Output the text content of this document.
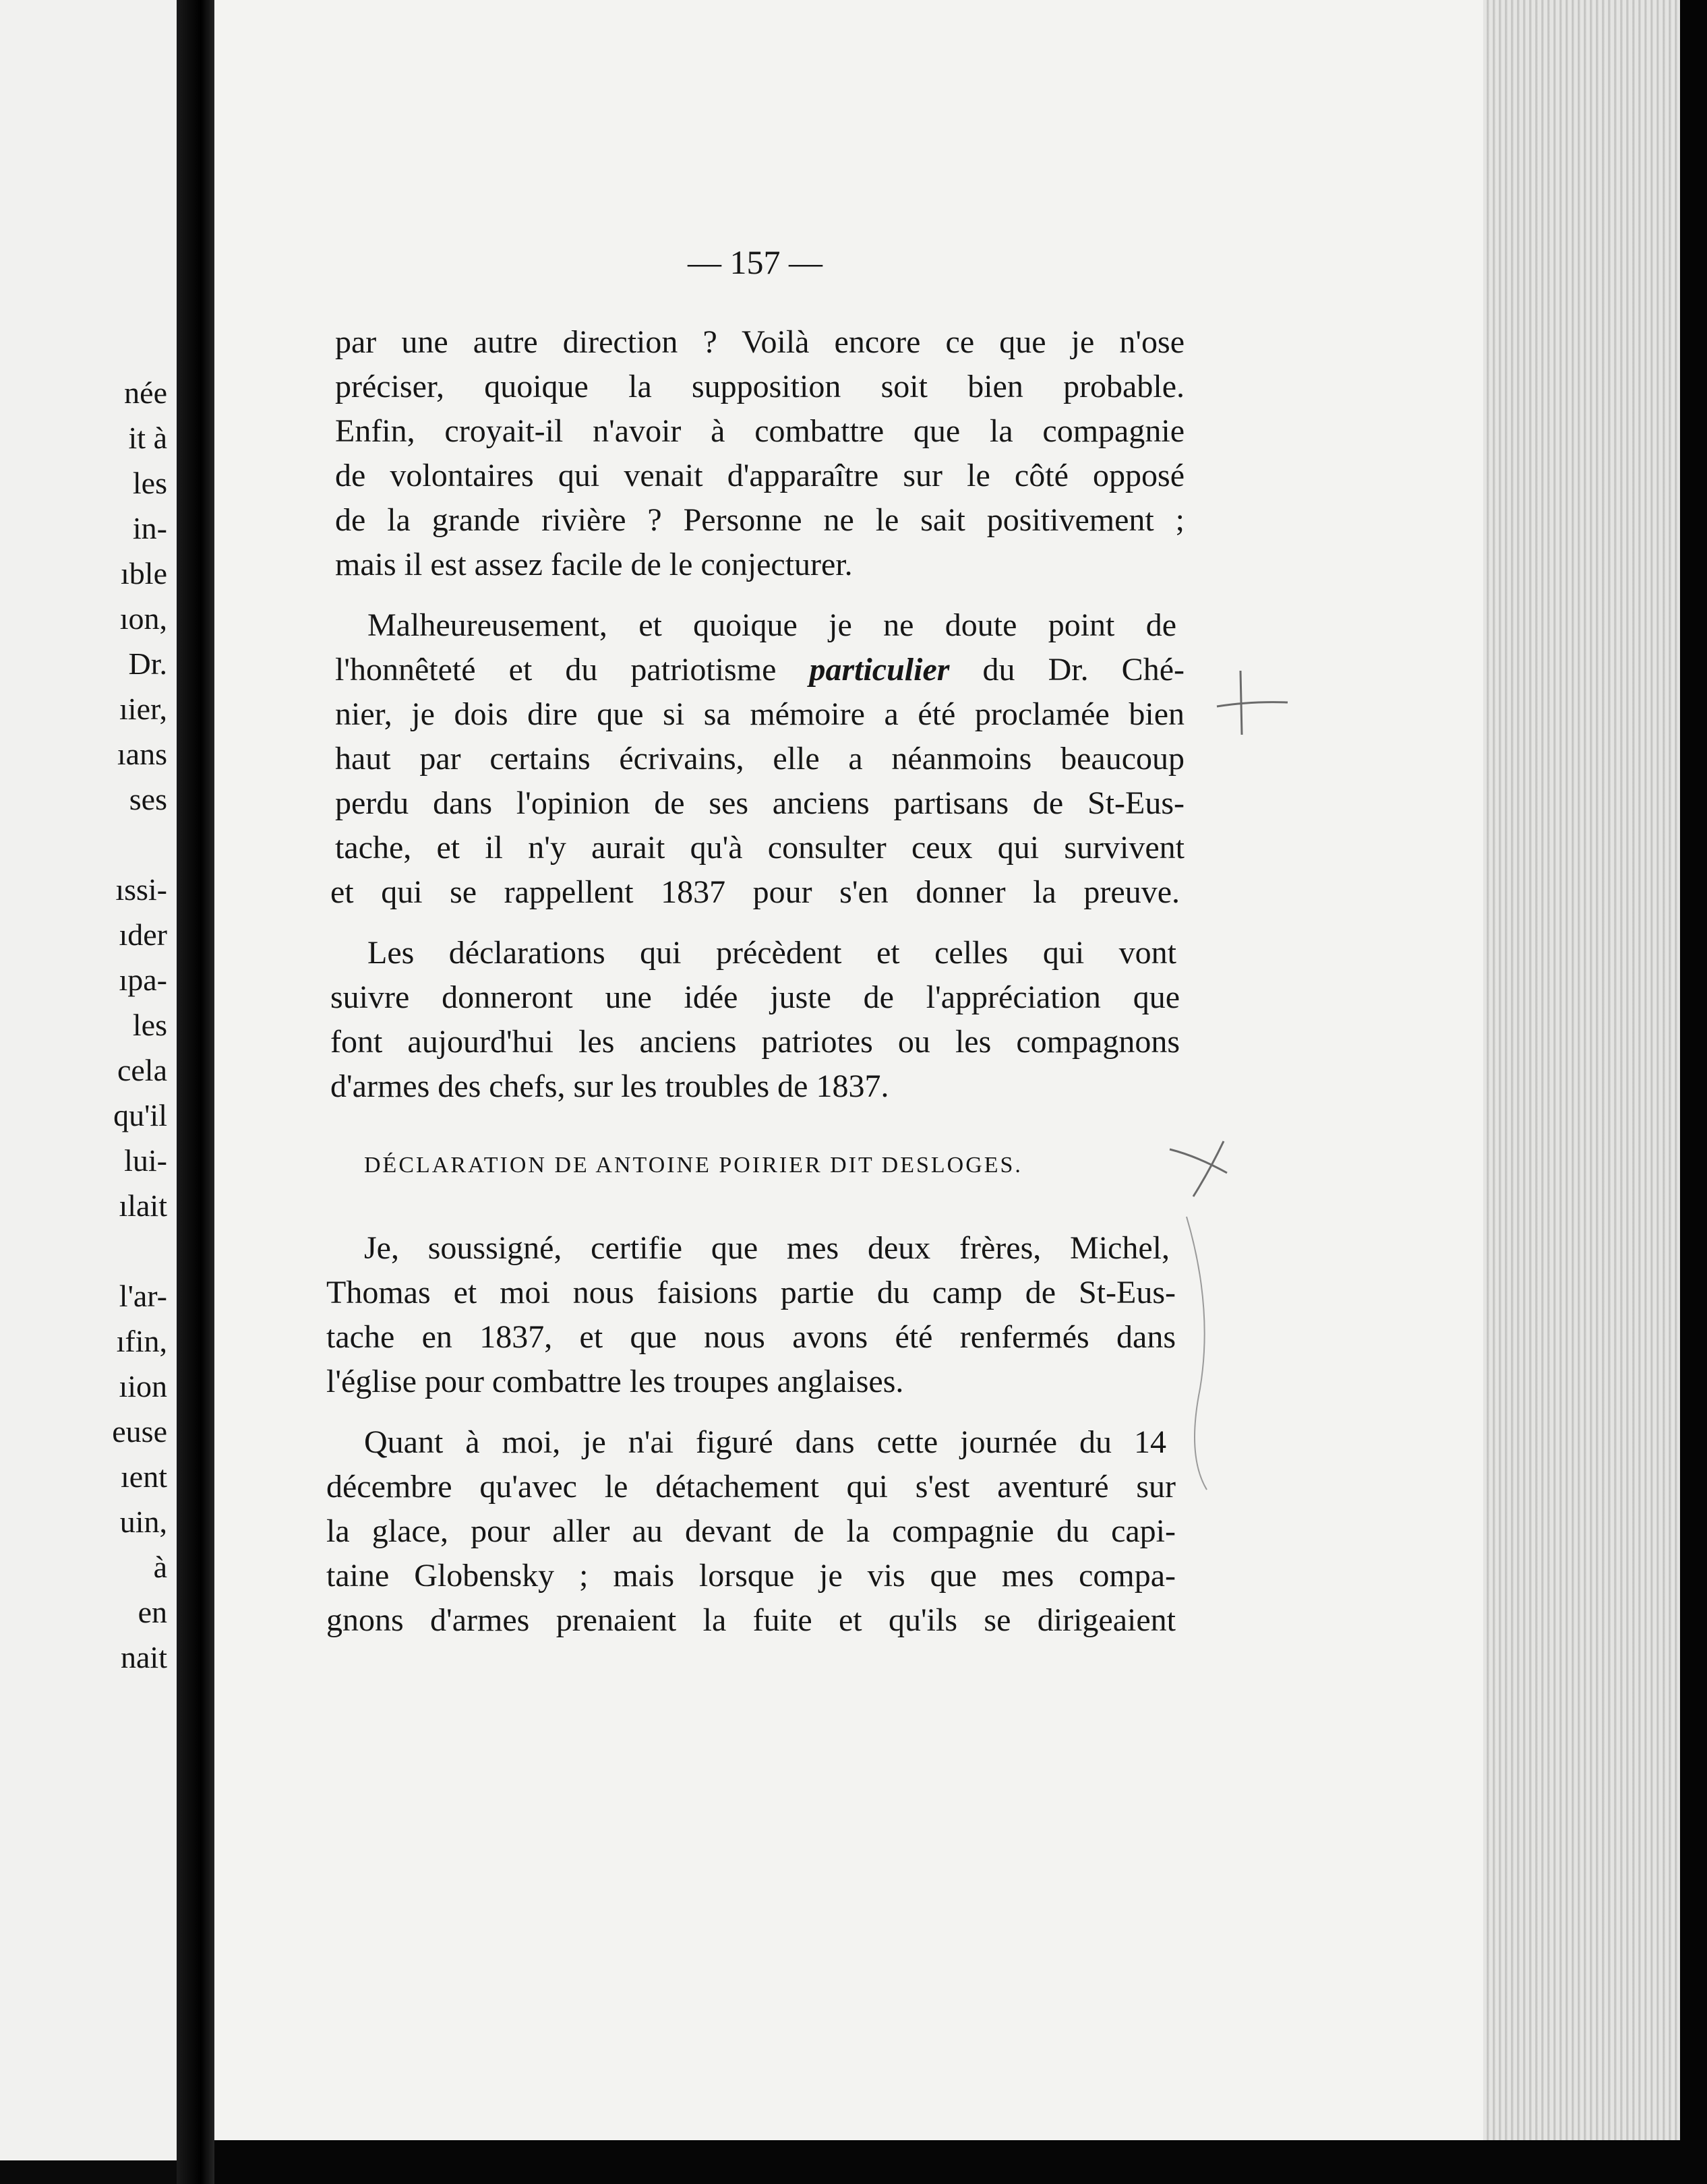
née

it à

les

in-

ıble

ıon,

Dr.

ıier,

ıans

ses

ıssi-

ıder

ıpa-

les

cela

qu'il

lui-

ılait

l'ar-

ıfin,

ıion

euse

ıent

uin,

à

en

nait

— 157 —

par une autre direction ? Voilà encore ce que je n'ose

préciser, quoique la supposition soit bien probable.

Enfin, croyait-il n'avoir à combattre que la compagnie

de volontaires qui venait d'apparaître sur le côté opposé

de la grande rivière ? Personne ne le sait positivement ;

mais il est assez facile de le conjecturer.

Malheureusement, et quoique je ne doute point de

l'honnêteté et du patriotisme particulier du Dr. Ché-

nier, je dois dire que si sa mémoire a été proclamée bien

haut par certains écrivains, elle a néanmoins beaucoup

perdu dans l'opinion de ses anciens partisans de St-Eus-

tache, et il n'y aurait qu'à consulter ceux qui survivent

et qui se rappellent 1837 pour s'en donner la preuve.

Les déclarations qui précèdent et celles qui vont

suivre donneront une idée juste de l'appréciation que

font aujourd'hui les anciens patriotes ou les compagnons

d'armes des chefs, sur les troubles de 1837.

DÉCLARATION DE ANTOINE POIRIER DIT DESLOGES.

Je, soussigné, certifie que mes deux frères, Michel,

Thomas et moi nous faisions partie du camp de St-Eus-

tache en 1837, et que nous avons été renfermés dans

l'église pour combattre les troupes anglaises.

Quant à moi, je n'ai figuré dans cette journée du 14

décembre qu'avec le détachement qui s'est aventuré sur

la glace, pour aller au devant de la compagnie du capi-

taine Globensky ; mais lorsque je vis que mes compa-

gnons d'armes prenaient la fuite et qu'ils se dirigeaient
